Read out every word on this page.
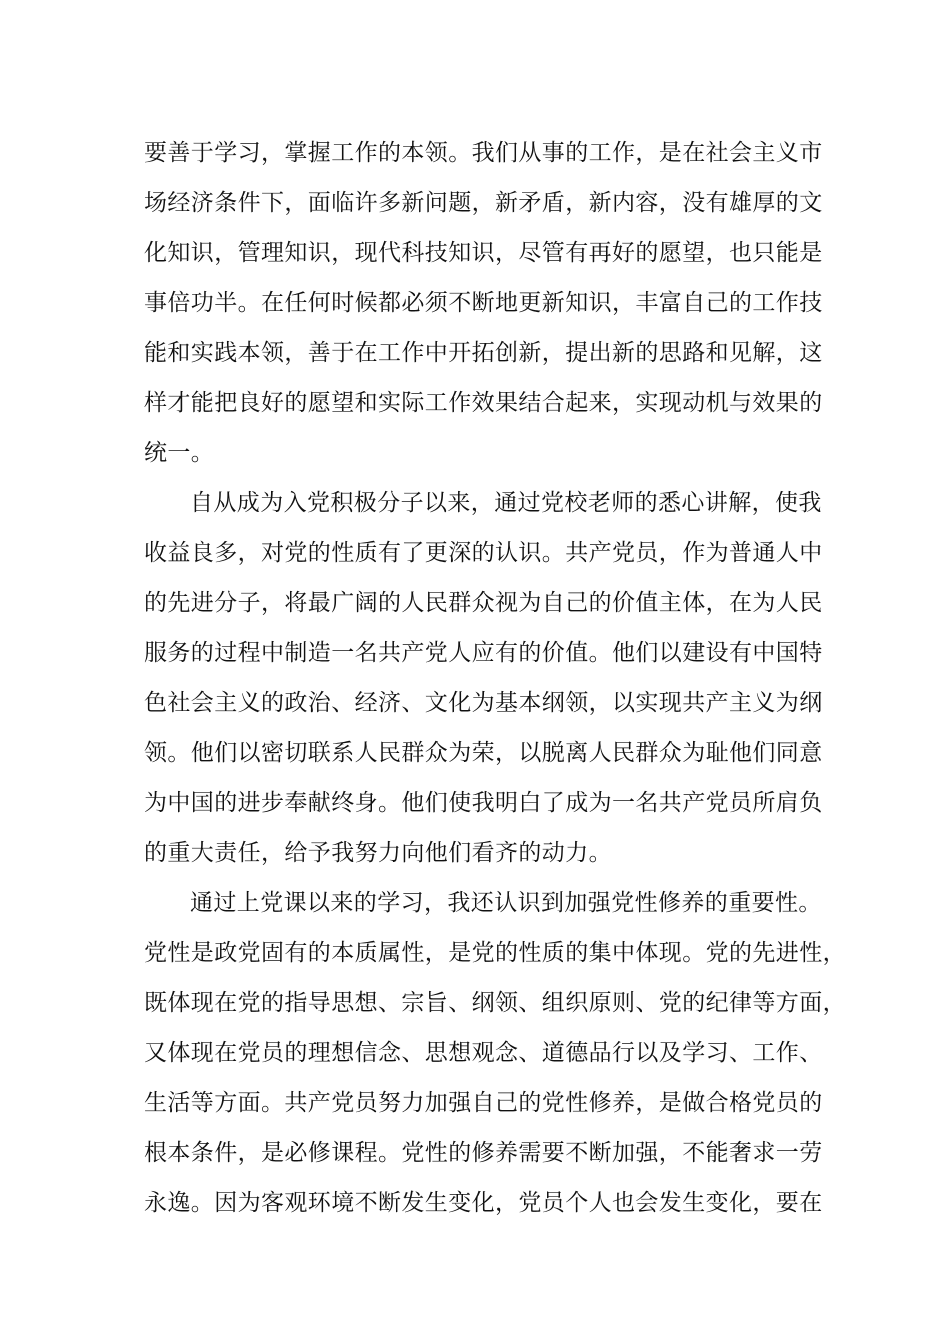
要善于学习，掌握工作的本领。我们从事的工作，是在社会主义市
场经济条件下，面临许多新问题，新矛盾，新内容，没有雄厚的文
化知识，管理知识，现代科技知识，尽管有再好的愿望，也只能是
事倍功半。在任何时候都必须不断地更新知识，丰富自己的工作技
能和实践本领，善于在工作中开拓创新，提出新的思路和见解，这
样才能把良好的愿望和实际工作效果结合起来，实现动机与效果的
统一。
自从成为入党积极分子以来，通过党校老师的悉心讲解，使我
收益良多，对党的性质有了更深的认识。共产党员，作为普通人中
的先进分子，将最广阔的人民群众视为自己的价值主体，在为人民
服务的过程中制造一名共产党人应有的价值。他们以建设有中国特
色社会主义的政治、经济、文化为基本纲领，以实现共产主义为纲
领。他们以密切联系人民群众为荣，以脱离人民群众为耻他们同意
为中国的进步奉献终身。他们使我明白了成为一名共产党员所肩负
的重大责任，给予我努力向他们看齐的动力。
通过上党课以来的学习，我还认识到加强党性修养的重要性。
党性是政党固有的本质属性，是党的性质的集中体现。党的先进性，
既体现在党的指导思想、宗旨、纲领、组织原则、党的纪律等方面，
又体现在党员的理想信念、思想观念、道德品行以及学习、工作、
生活等方面。共产党员努力加强自己的党性修养，是做合格党员的
根本条件，是必修课程。党性的修养需要不断加强，不能奢求一劳
永逸。因为客观环境不断发生变化，党员个人也会发生变化，要在
